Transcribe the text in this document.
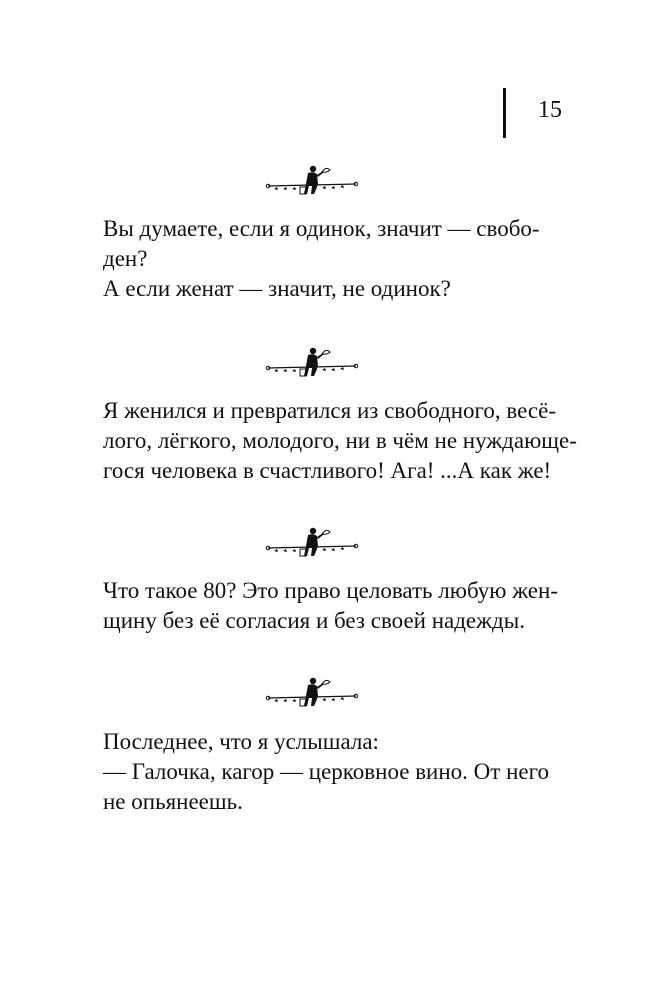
15

Вы думаете, если я одинок, значит — свобо-
ден?
А если женат — значит, не одинок?

Я женился и превратился из свободного, весё-
лого, лёгкого, молодого, ни в чём не нуждающе-
гося человека в счастливого! Ага! ...А как же!

Что такое 80? Это право целовать любую жен-
щину без её согласия и без своей надежды.

Последнее, что я услышала:
— Галочка, кагор — церковное вино. От него
не опьянеешь.
